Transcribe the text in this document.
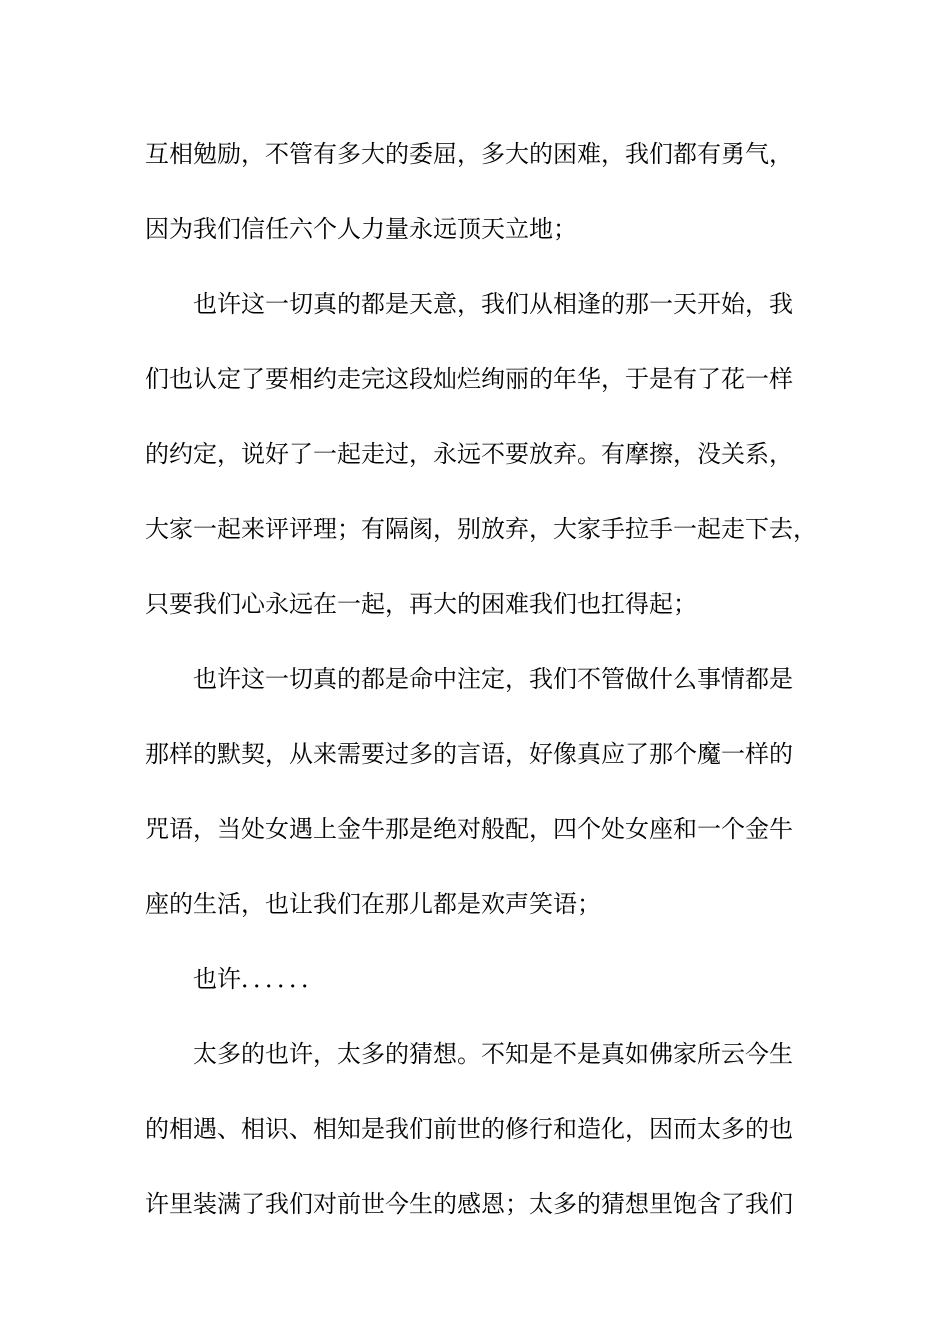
互相勉励，不管有多大的委屈，多大的困难，我们都有勇气，
因为我们信任六个人力量永远顶天立地；
也许这一切真的都是天意，我们从相逢的那一天开始，我
们也认定了要相约走完这段灿烂绚丽的年华，于是有了花一样
的约定，说好了一起走过，永远不要放弃。有摩擦，没关系，
大家一起来评评理；有隔阂，别放弃，大家手拉手一起走下去，
只要我们心永远在一起，再大的困难我们也扛得起；
也许这一切真的都是命中注定，我们不管做什么事情都是
那样的默契，从来需要过多的言语，好像真应了那个魔一样的
咒语，当处女遇上金牛那是绝对般配，四个处女座和一个金牛
座的生活，也让我们在那儿都是欢声笑语；
也许．．．．．．
太多的也许，太多的猜想。不知是不是真如佛家所云今生
的相遇、相识、相知是我们前世的修行和造化，因而太多的也
许里装满了我们对前世今生的感恩；太多的猜想里饱含了我们
